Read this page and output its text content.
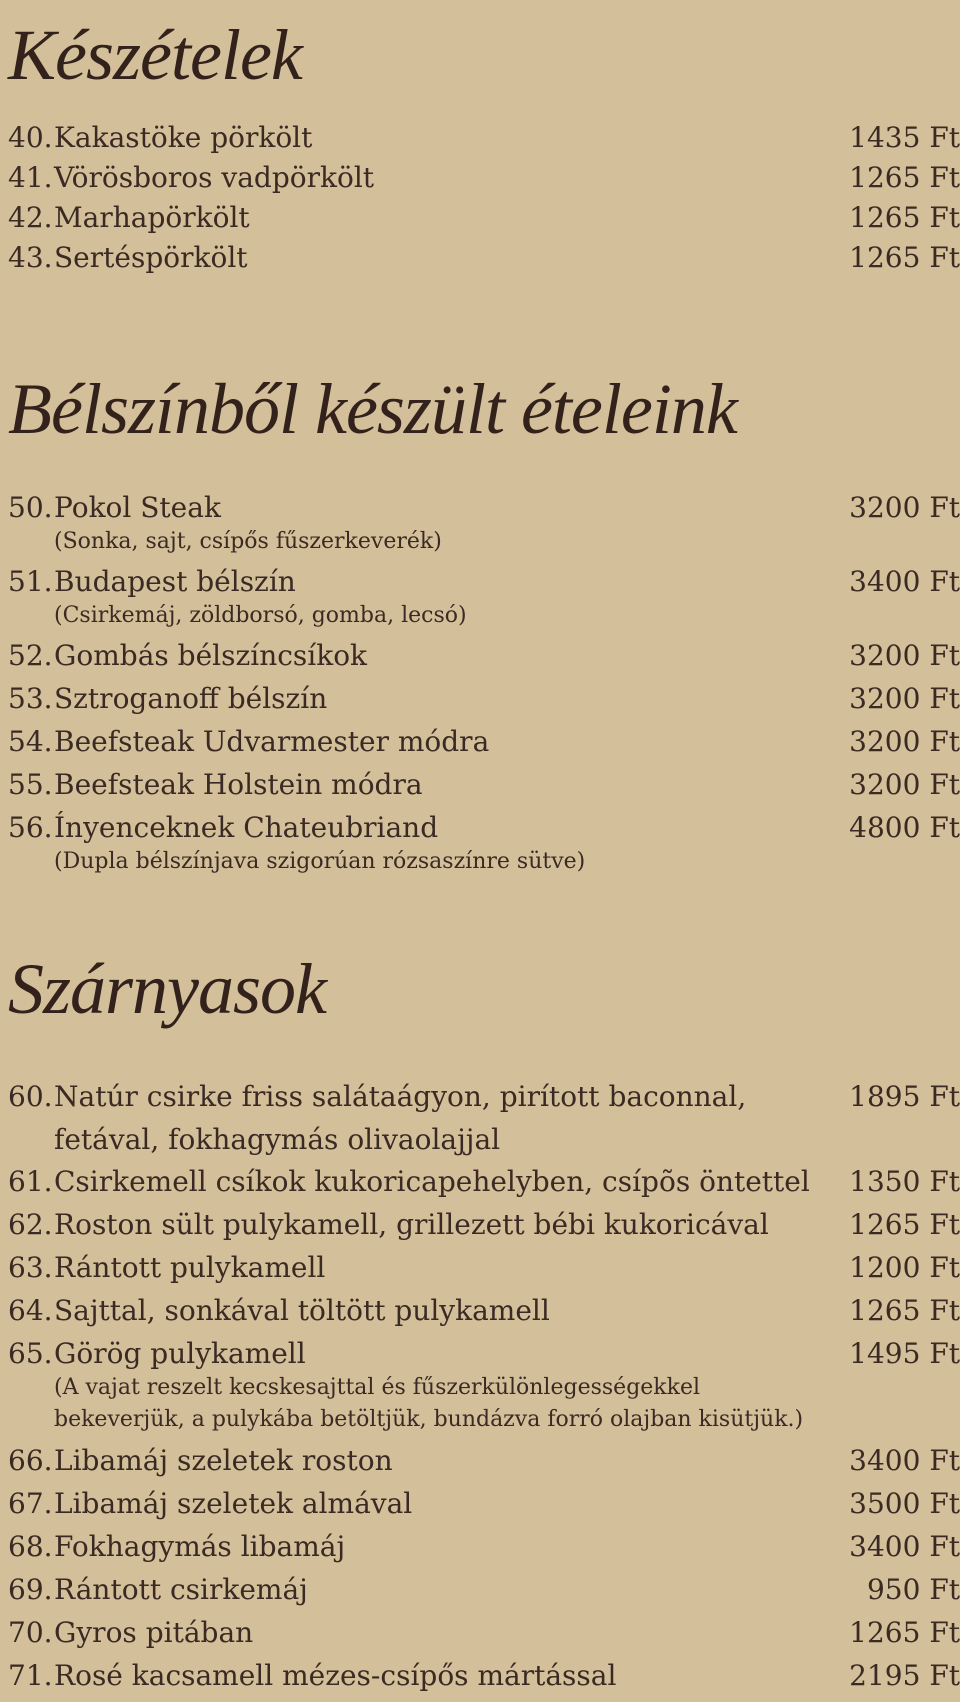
Készételek
40. Kakastöke pörkölt	1435 Ft
41. Vörösboros vadpörkölt	1265 Ft
42. Marhapörkölt	1265 Ft
43. Sertéspörkölt	1265 Ft
Bélszínből készült ételeink
50. Pokol Steak	3200 Ft
(Sonka, sajt, csípős fűszerkeverék)
51. Budapest bélszín	3400 Ft
(Csirkemáj, zöldborsó, gomba, lecsó)
52. Gombás bélszíncsíkok	3200 Ft
53. Sztroganoff bélszín	3200 Ft
54. Beefsteak Udvarmester módra	3200 Ft
55. Beefsteak Holstein módra	3200 Ft
56. Ínyenceknek Chateubriand	4800 Ft
(Dupla bélszínjava szigorúan rózsaszínre sütve)
Szárnyasok
60. Natúr csirke friss salátaágyon, pirított baconnal,	1895 Ft
fetával, fokhagymás olivaolajjal
61. Csirkemell csíkok kukoricapehelyben, csípõs öntettel 1350 Ft
62. Roston sült pulykamell, grillezett bébi kukoricával	1265 Ft
63. Rántott pulykamell	1200 Ft
64. Sajttal, sonkával töltött pulykamell	1265 Ft
65. Görög pulykamell	1495 Ft
(A vajat reszelt kecskesajttal és fűszerkülönlegességekkel
bekeverjük, a pulykába betöltjük, bundázva forró olajban kisütjük.)
66. Libamáj szeletek roston	3400 Ft
67. Libamáj szeletek almával	3500 Ft
68. Fokhagymás libamáj	3400 Ft
69. Rántott csirkemáj	950 Ft
70. Gyros pitában	1265 Ft
71. Rosé kacsamell mézes-csípős mártással	2195 Ft
